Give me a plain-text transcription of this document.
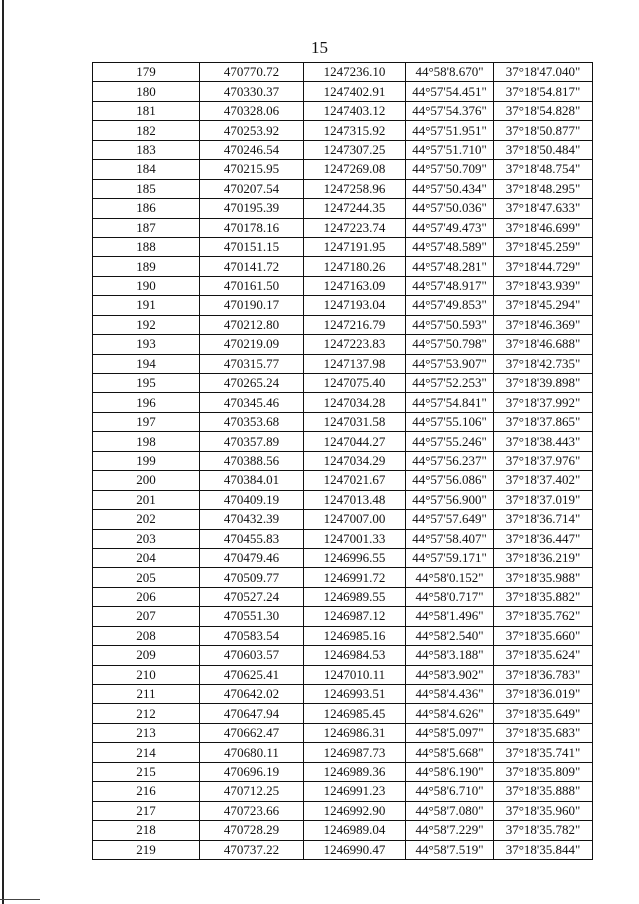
15
179	470770.72	1247236.10	44°58'8.670"	37°18'47.040"
180	470330.37	1247402.91	44°57'54.451"	37°18'54.817"
181	470328.06	1247403.12	44°57'54.376"	37°18'54.828"
182	470253.92	1247315.92	44°57'51.951"	37°18'50.877"
183	470246.54	1247307.25	44°57'51.710"	37°18'50.484"
184	470215.95	1247269.08	44°57'50.709"	37°18'48.754"
185	470207.54	1247258.96	44°57'50.434"	37°18'48.295"
186	470195.39	1247244.35	44°57'50.036"	37°18'47.633"
187	470178.16	1247223.74	44°57'49.473"	37°18'46.699"
188	470151.15	1247191.95	44°57'48.589"	37°18'45.259"
189	470141.72	1247180.26	44°57'48.281"	37°18'44.729"
190	470161.50	1247163.09	44°57'48.917"	37°18'43.939"
191	470190.17	1247193.04	44°57'49.853"	37°18'45.294"
192	470212.80	1247216.79	44°57'50.593"	37°18'46.369"
193	470219.09	1247223.83	44°57'50.798"	37°18'46.688"
194	470315.77	1247137.98	44°57'53.907"	37°18'42.735"
195	470265.24	1247075.40	44°57'52.253"	37°18'39.898"
196	470345.46	1247034.28	44°57'54.841"	37°18'37.992"
197	470353.68	1247031.58	44°57'55.106"	37°18'37.865"
198	470357.89	1247044.27	44°57'55.246"	37°18'38.443"
199	470388.56	1247034.29	44°57'56.237"	37°18'37.976"
200	470384.01	1247021.67	44°57'56.086"	37°18'37.402"
201	470409.19	1247013.48	44°57'56.900"	37°18'37.019"
202	470432.39	1247007.00	44°57'57.649"	37°18'36.714"
203	470455.83	1247001.33	44°57'58.407"	37°18'36.447"
204	470479.46	1246996.55	44°57'59.171"	37°18'36.219"
205	470509.77	1246991.72	44°58'0.152"	37°18'35.988"
206	470527.24	1246989.55	44°58'0.717"	37°18'35.882"
207	470551.30	1246987.12	44°58'1.496"	37°18'35.762"
208	470583.54	1246985.16	44°58'2.540"	37°18'35.660"
209	470603.57	1246984.53	44°58'3.188"	37°18'35.624"
210	470625.41	1247010.11	44°58'3.902"	37°18'36.783"
211	470642.02	1246993.51	44°58'4.436"	37°18'36.019"
212	470647.94	1246985.45	44°58'4.626"	37°18'35.649"
213	470662.47	1246986.31	44°58'5.097"	37°18'35.683"
214	470680.11	1246987.73	44°58'5.668"	37°18'35.741"
215	470696.19	1246989.36	44°58'6.190"	37°18'35.809"
216	470712.25	1246991.23	44°58'6.710"	37°18'35.888"
217	470723.66	1246992.90	44°58'7.080"	37°18'35.960"
218	470728.29	1246989.04	44°58'7.229"	37°18'35.782"
219	470737.22	1246990.47	44°58'7.519"	37°18'35.844"
